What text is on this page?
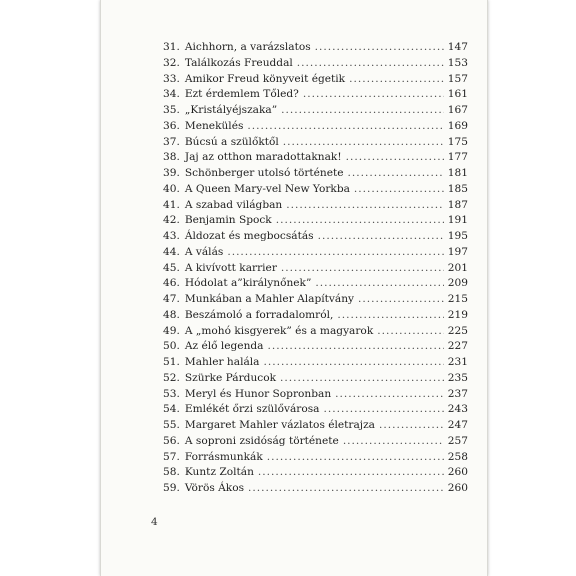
31. Aichhorn, a varázslatos .....	147
32. Találkozás Freuddal .....	153
33. Amikor Freud könyveit égetik .....	157
34. Ezt érdemlem Tőled? .....	161
35. „Kristályéjszaka” .....	167
36. Menekülés .....	169
37. Búcsú a szülőktől .....	175
38. Jaj az otthon maradottaknak! .....	177
39. Schönberger utolsó története .....	181
40. A Queen Mary-vel New Yorkba .....	185
41. A szabad világban .....	187
42. Benjamin Spock .....	191
43. Áldozat és megbocsátás .....	195
44. A válás .....	197
45. A kivívott karrier .....	201
46. Hódolat a”királynőnek” .....	209
47. Munkában a Mahler Alapítvány .....	215
48. Beszámoló a forradalomról, .....	219
49. A „mohó kisgyerek” és a magyarok .....	225
50. Az élő legenda .....	227
51. Mahler halála .....	231
52. Szürke Párducok .....	235
53. Meryl és Hunor Sopronban .....	237
54. Emlékét őrzi szülővárosa .....	243
55. Margaret Mahler vázlatos életrajza .....	247
56. A soproni zsidóság története .....	257
57. Forrásmunkák .....	258
58. Kuntz Zoltán .....	260
59. Vörös Ákos .....	260
4
